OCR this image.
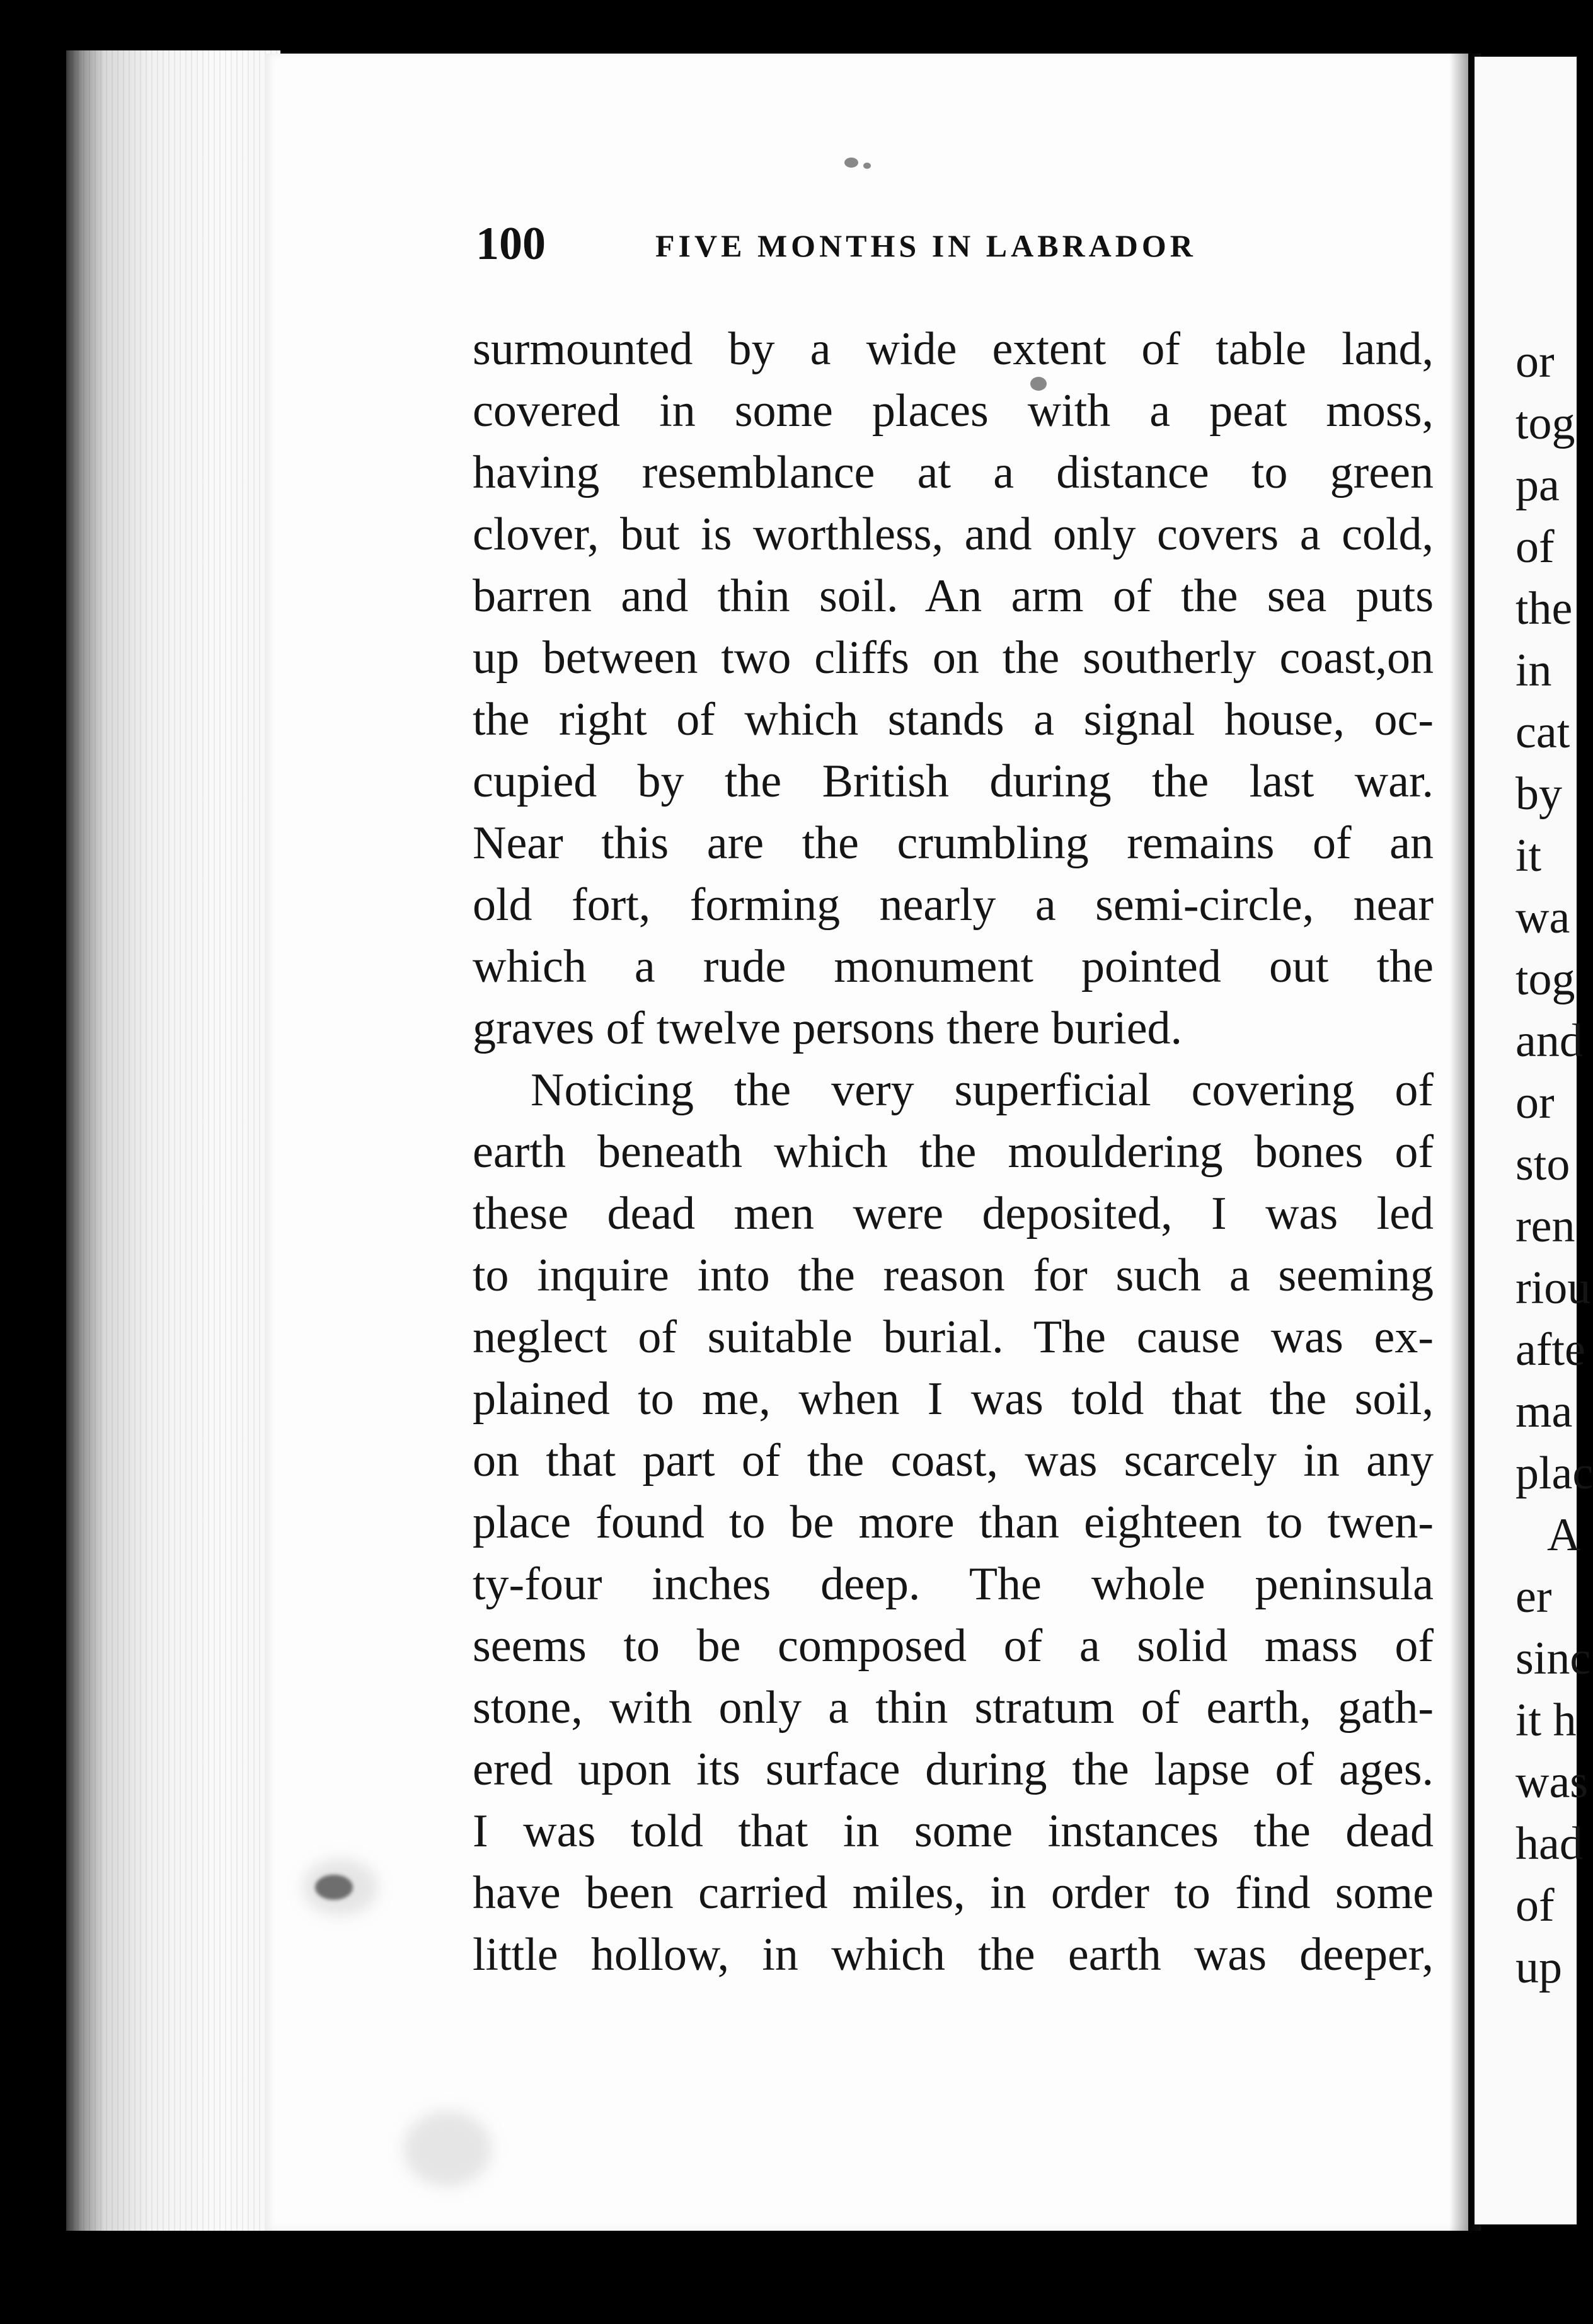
100	FIVE MONTHS IN LABRADOR
surmounted by a wide extent of table land,
covered in some places with a peat moss,
having resemblance at a distance to green
clover, but is worthless, and only covers a cold,
barren and thin soil. An arm of the sea puts
up between two cliffs on the southerly coast,on
the right of which stands a signal house, oc-
cupied by the British during the last war.
Near this are the crumbling remains of an
old fort, forming nearly a semi-circle, near
which a rude monument pointed out the
graves of twelve persons there buried.
Noticing the very superficial covering of
earth beneath which the mouldering bones of
these dead men were deposited, I was led
to inquire into the reason for such a seeming
neglect of suitable burial. The cause was ex-
plained to me, when I was told that the soil,
on that part of the coast, was scarcely in any
place found to be more than eighteen to twen-
ty-four inches deep. The whole peninsula
seems to be composed of a solid mass of
stone, with only a thin stratum of earth, gath-
ered upon its surface during the lapse of ages.
I was told that in some instances the dead
have been carried miles, in order to find some
little hollow, in which the earth was deeper,
or
tog
pa
of
the
in
cat
by
it
wa
tog
and
or
sto
ren
riou
afte
ma
plac
A
er
sinc
it h
was
had
of
up
